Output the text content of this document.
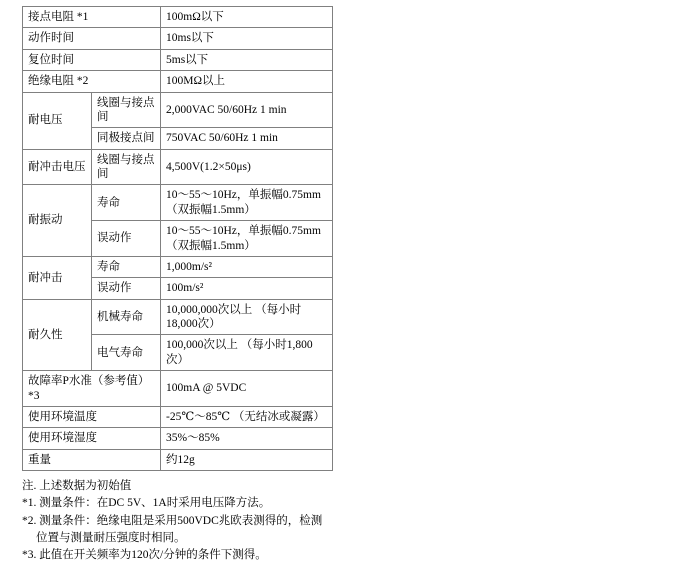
接点电阻 *1		100mΩ以下
动作时间		10ms以下
复位时间		5ms以下
绝缘电阻 *2		100MΩ以上
耐电压	线圈与接点间	2,000VAC 50/60Hz 1 min
	同极接点间	750VAC 50/60Hz 1 min
耐冲击电压	线圈与接点间	4,500V(1.2×50μs)
耐振动	寿命	10～55～10Hz，单振幅0.75mm（双振幅1.5mm）
	误动作	10～55～10Hz，单振幅0.75mm（双振幅1.5mm）
耐冲击	寿命	1,000m/s²
	误动作	100m/s²
耐久性	机械寿命	10,000,000次以上 （每小时18,000次）
	电气寿命	100,000次以上 （每小时1,800次）
故障率P水准（参考值）*3		100mA @ 5VDC
使用环境温度		-25℃～85℃ （无结冰或凝露）
使用环境湿度		35%～85%
重量		约12g
注. 上述数据为初始值
*1. 测量条件：在DC 5V、1A时采用电压降方法。
*2. 测量条件：绝缘电阻是采用500VDC兆欧表测得的，检测
位置与测量耐压强度时相同。
*3. 此值在开关频率为120次/分钟的条件下测得。
